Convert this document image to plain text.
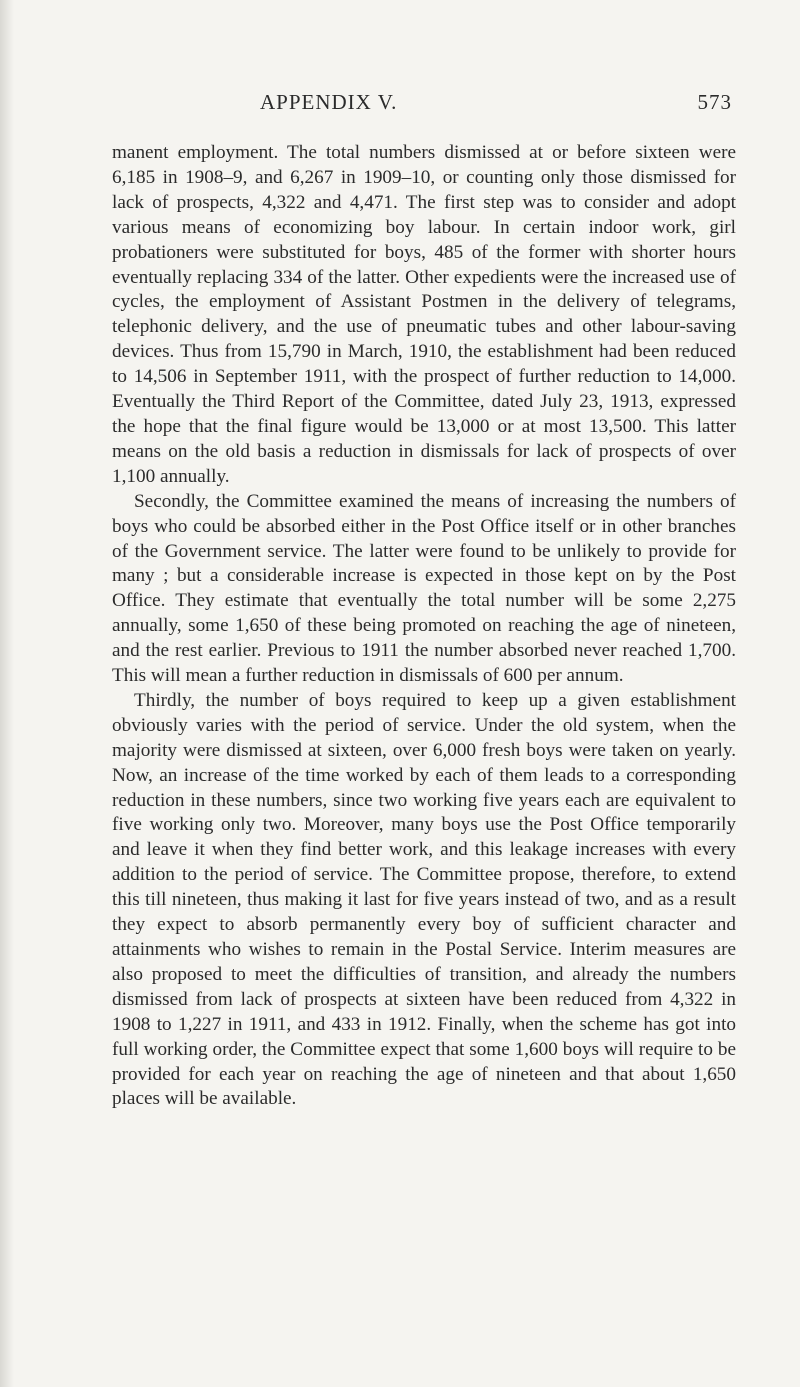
APPENDIX V.	573

manent employment. The total numbers dismissed at or before sixteen were 6,185 in 1908–9, and 6,267 in 1909–10, or counting only those dismissed for lack of prospects, 4,322 and 4,471. The first step was to consider and adopt various means of economizing boy labour. In certain indoor work, girl probationers were substituted for boys, 485 of the former with shorter hours eventually replacing 334 of the latter. Other expedients were the increased use of cycles, the employment of Assistant Postmen in the delivery of telegrams, telephonic delivery, and the use of pneumatic tubes and other labour-saving devices. Thus from 15,790 in March, 1910, the establishment had been reduced to 14,506 in September 1911, with the prospect of further reduction to 14,000. Eventually the Third Report of the Committee, dated July 23, 1913, expressed the hope that the final figure would be 13,000 or at most 13,500. This latter means on the old basis a reduction in dismissals for lack of prospects of over 1,100 annually.

Secondly, the Committee examined the means of increasing the numbers of boys who could be absorbed either in the Post Office itself or in other branches of the Government service. The latter were found to be unlikely to provide for many ; but a considerable increase is expected in those kept on by the Post Office. They estimate that eventually the total number will be some 2,275 annually, some 1,650 of these being promoted on reaching the age of nineteen, and the rest earlier. Previous to 1911 the number absorbed never reached 1,700. This will mean a further reduction in dismissals of 600 per annum.

Thirdly, the number of boys required to keep up a given establishment obviously varies with the period of service. Under the old system, when the majority were dismissed at sixteen, over 6,000 fresh boys were taken on yearly. Now, an increase of the time worked by each of them leads to a corresponding reduction in these numbers, since two working five years each are equivalent to five working only two. Moreover, many boys use the Post Office temporarily and leave it when they find better work, and this leakage increases with every addition to the period of service. The Committee propose, therefore, to extend this till nineteen, thus making it last for five years instead of two, and as a result they expect to absorb permanently every boy of sufficient character and attainments who wishes to remain in the Postal Service. Interim measures are also proposed to meet the difficulties of transition, and already the numbers dismissed from lack of prospects at sixteen have been reduced from 4,322 in 1908 to 1,227 in 1911, and 433 in 1912. Finally, when the scheme has got into full working order, the Committee expect that some 1,600 boys will require to be provided for each year on reaching the age of nineteen and that about 1,650 places will be available.
